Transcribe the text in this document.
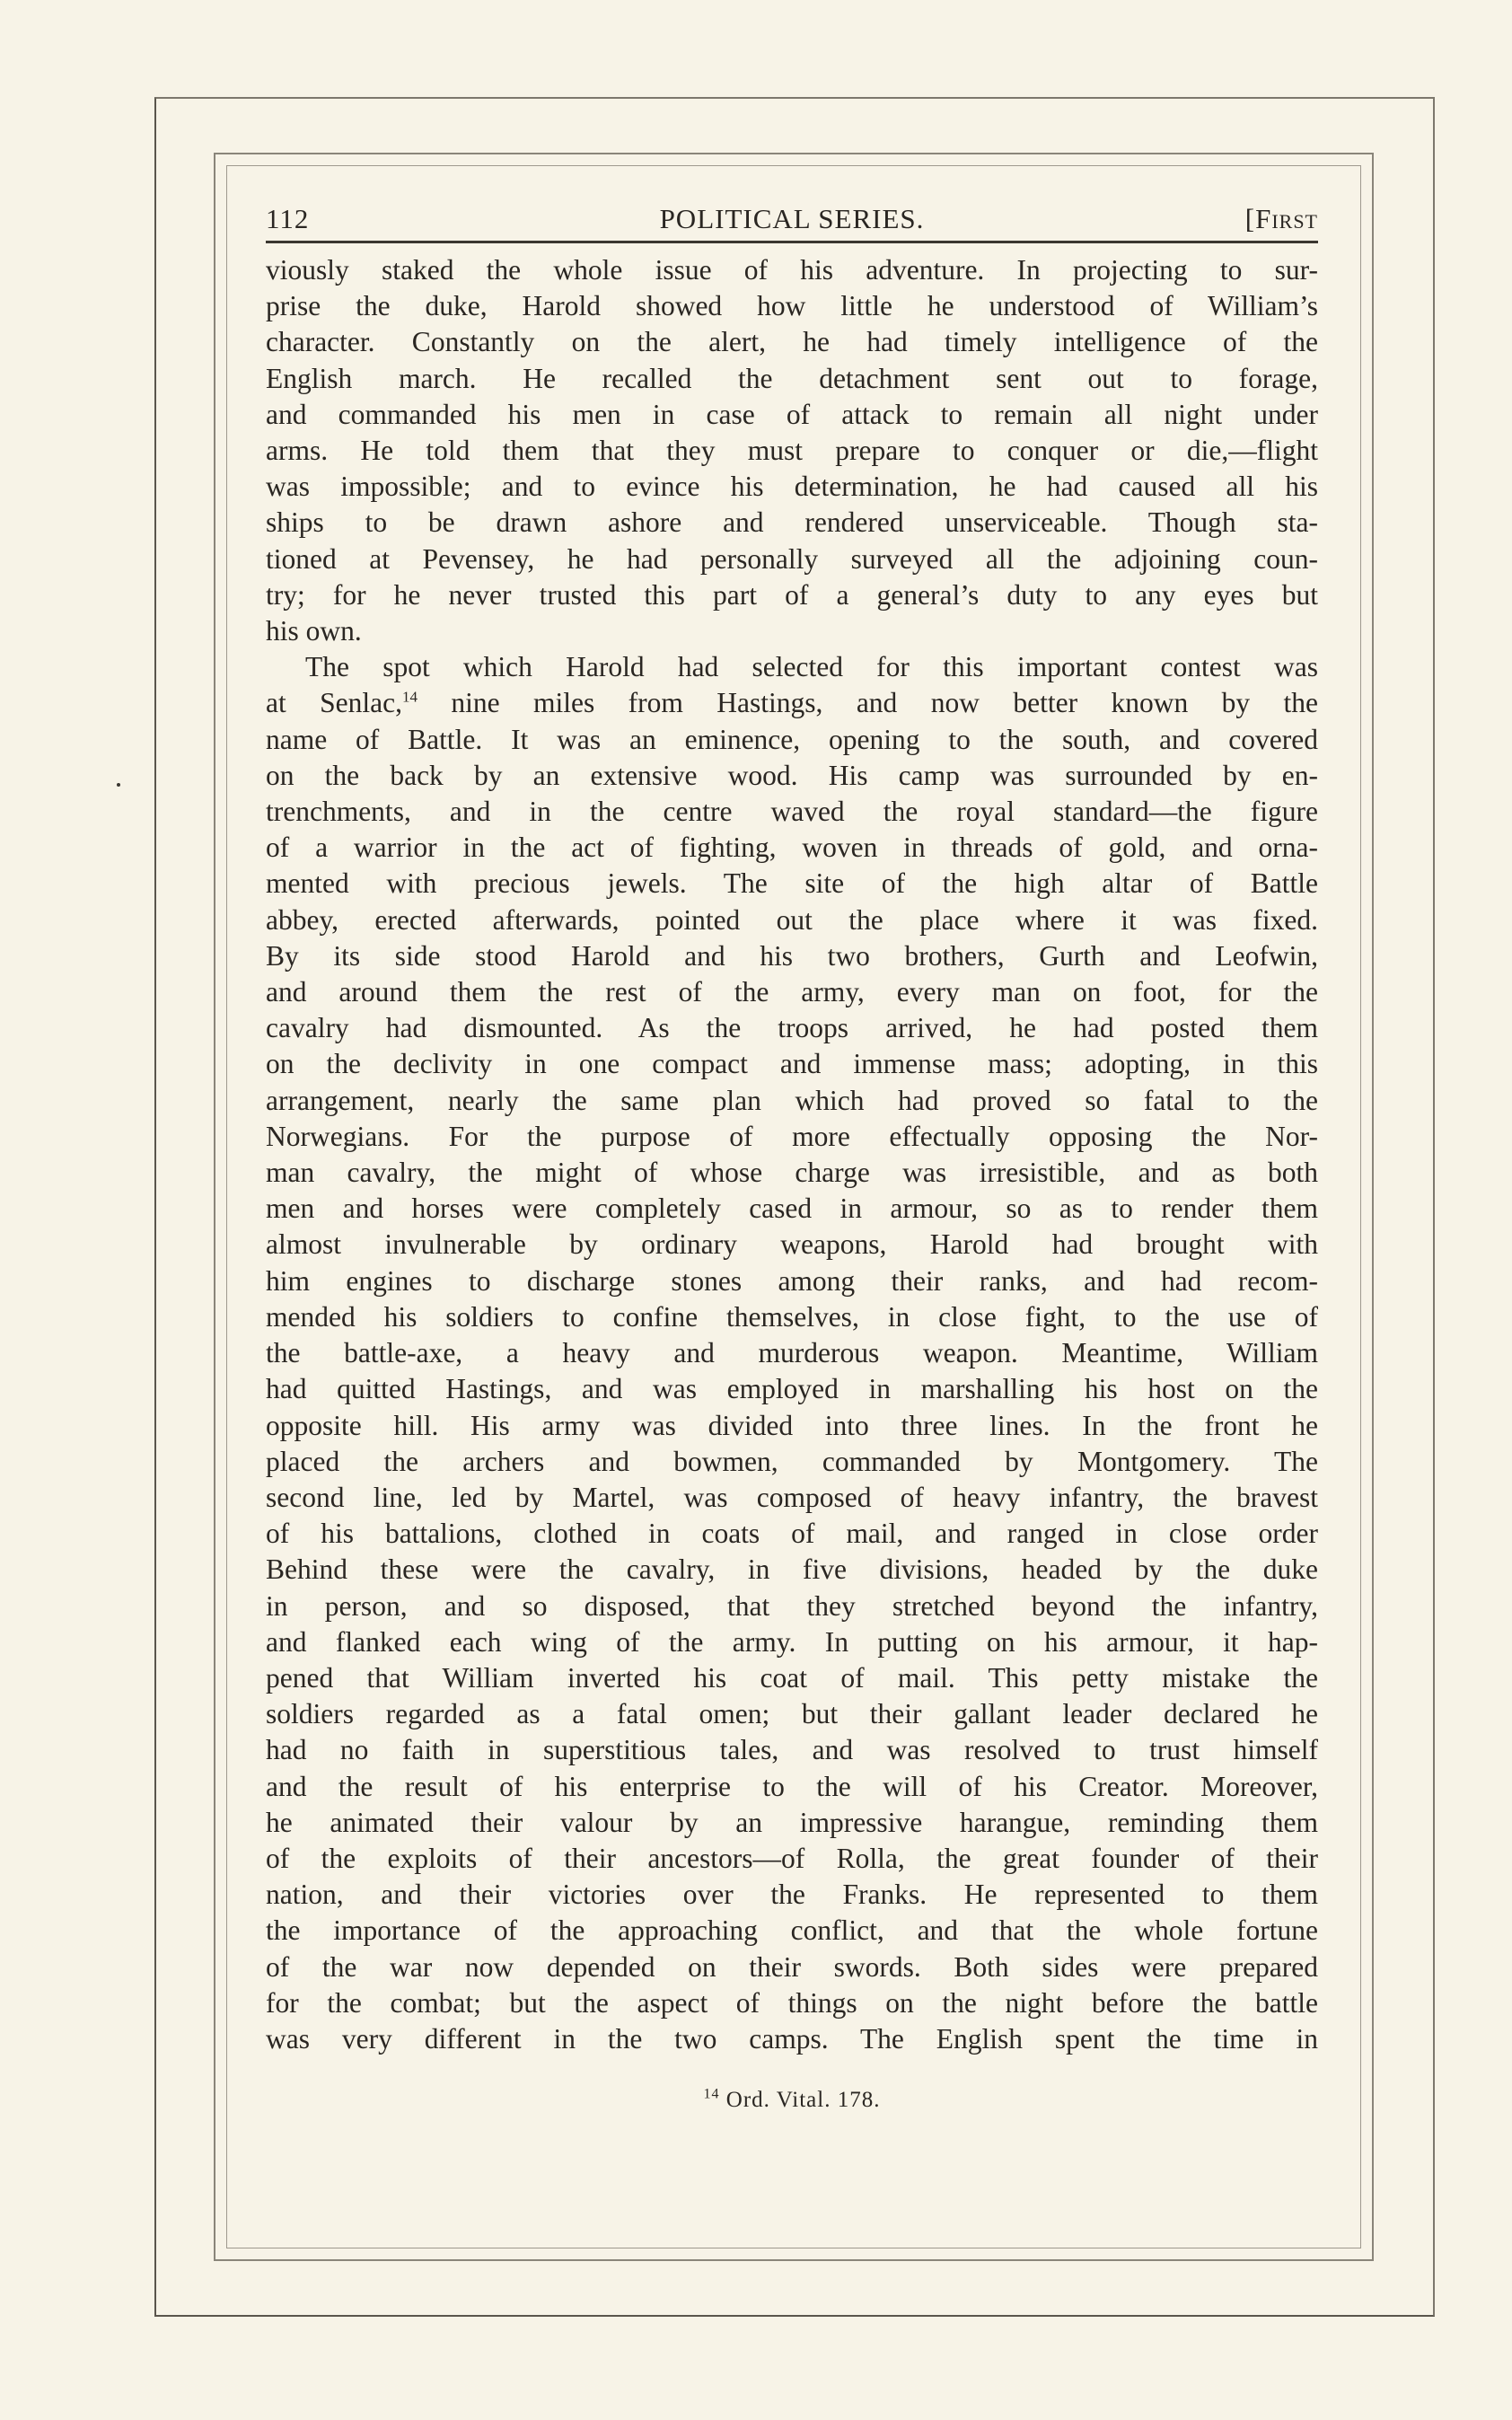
112	POLITICAL SERIES.	[First
viously staked the whole issue of his adventure. In projecting to sur-
prise the duke, Harold showed how little he understood of William’s
character. Constantly on the alert, he had timely intelligence of the
English march. He recalled the detachment sent out to forage,
and commanded his men in case of attack to remain all night under
arms. He told them that they must prepare to conquer or die,—flight
was impossible; and to evince his determination, he had caused all his
ships to be drawn ashore and rendered unserviceable. Though sta-
tioned at Pevensey, he had personally surveyed all the adjoining coun-
try; for he never trusted this part of a general’s duty to any eyes but
his own.
The spot which Harold had selected for this important contest was
at Senlac,$^{14}$ nine miles from Hastings, and now better known by the
name of Battle. It was an eminence, opening to the south, and covered
on the back by an extensive wood. His camp was surrounded by en-
trenchments, and in the centre waved the royal standard—the figure
of a warrior in the act of fighting, woven in threads of gold, and orna-
mented with precious jewels. The site of the high altar of Battle
abbey, erected afterwards, pointed out the place where it was fixed.
By its side stood Harold and his two brothers, Gurth and Leofwin,
and around them the rest of the army, every man on foot, for the
cavalry had dismounted. As the troops arrived, he had posted them
on the declivity in one compact and immense mass; adopting, in this
arrangement, nearly the same plan which had proved so fatal to the
Norwegians. For the purpose of more effectually opposing the Nor-
man cavalry, the might of whose charge was irresistible, and as both
men and horses were completely cased in armour, so as to render them
almost invulnerable by ordinary weapons, Harold had brought with
him engines to discharge stones among their ranks, and had recom-
mended his soldiers to confine themselves, in close fight, to the use of
the battle-axe, a heavy and murderous weapon. Meantime, William
had quitted Hastings, and was employed in marshalling his host on the
opposite hill. His army was divided into three lines. In the front he
placed the archers and bowmen, commanded by Montgomery. The
second line, led by Martel, was composed of heavy infantry, the bravest
of his battalions, clothed in coats of mail, and ranged in close order
Behind these were the cavalry, in five divisions, headed by the duke
in person, and so disposed, that they stretched beyond the infantry,
and flanked each wing of the army. In putting on his armour, it hap-
pened that William inverted his coat of mail. This petty mistake the
soldiers regarded as a fatal omen; but their gallant leader declared he
had no faith in superstitious tales, and was resolved to trust himself
and the result of his enterprise to the will of his Creator. Moreover,
he animated their valour by an impressive harangue, reminding them
of the exploits of their ancestors—of Rolla, the great founder of their
nation, and their victories over the Franks. He represented to them
the importance of the approaching conflict, and that the whole fortune
of the war now depended on their swords. Both sides were prepared
for the combat; but the aspect of things on the night before the battle
was very different in the two camps. The English spent the time in
$^{14}$ Ord. Vital. 178.
